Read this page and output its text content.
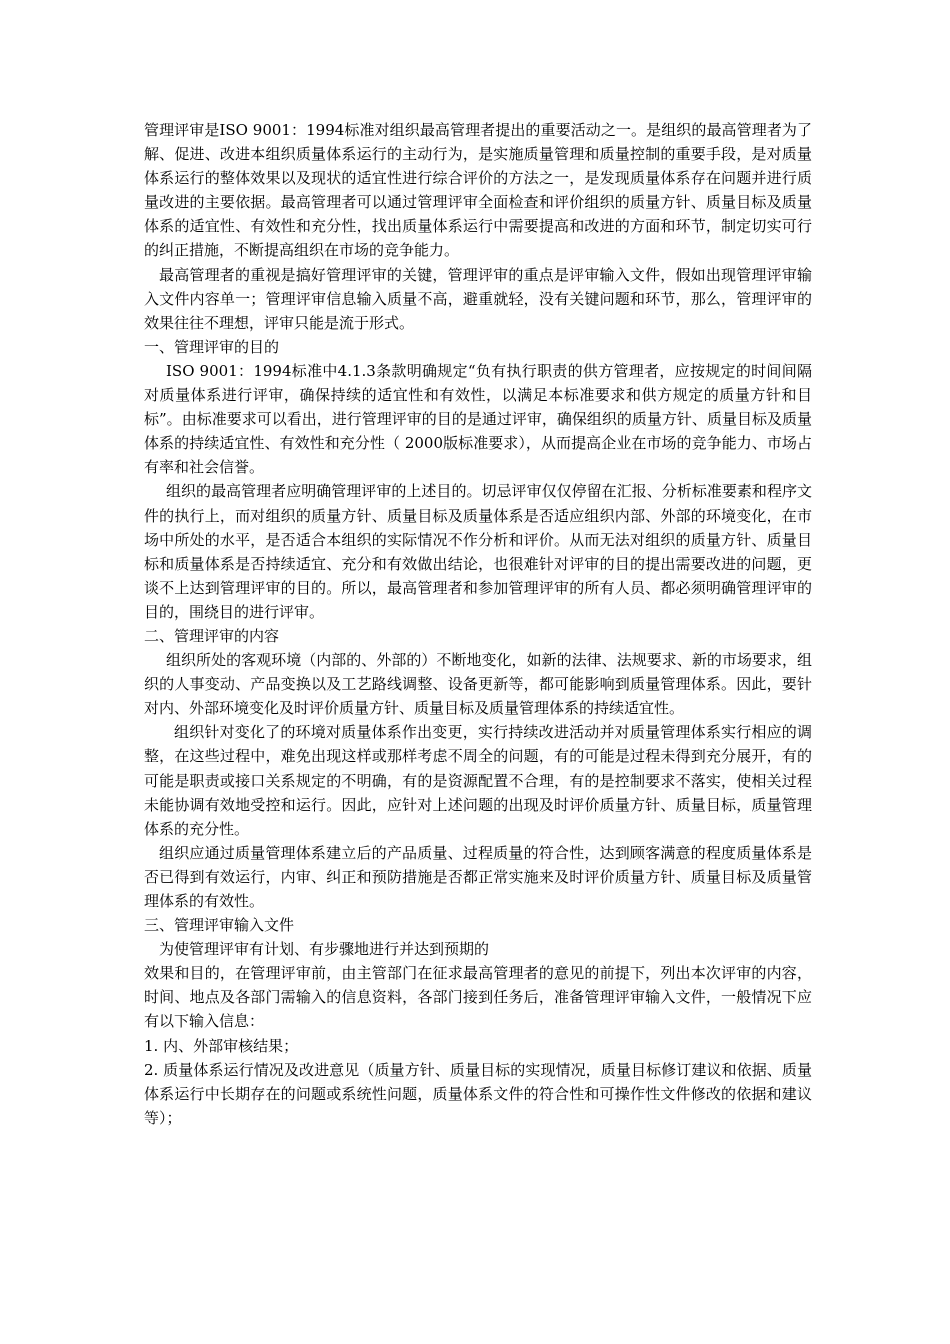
管理评审是ISO 9001：1994标准对组织最高管理者提出的重要活动之一。是组织的最高管理者为了解、促进、改进本组织质量体系运行的主动行为，是实施质量管理和质量控制的重要手段，是对质量体系运行的整体效果以及现状的适宜性进行综合评价的方法之一，是发现质量体系存在问题并进行质量改进的主要依据。最高管理者可以通过管理评审全面检查和评价组织的质量方针、质量目标及质量体系的适宜性、有效性和充分性，找出质量体系运行中需要提高和改进的方面和环节，制定切实可行的纠正措施，不断提高组织在市场的竞争能力。

最高管理者的重视是搞好管理评审的关键，管理评审的重点是评审输入文件，假如出现管理评审输入文件内容单一；管理评审信息输入质量不高，避重就轻，没有关键问题和环节，那么，管理评审的效果往往不理想，评审只能是流于形式。

一、管理评审的目的

ISO 9001：1994标准中4.1.3条款明确规定“负有执行职责的供方管理者，应按规定的时间间隔对质量体系进行评审，确保持续的适宜性和有效性，以满足本标准要求和供方规定的质量方针和目标”。由标准要求可以看出，进行管理评审的目的是通过评审，确保组织的质量方针、质量目标及质量体系的持续适宜性、有效性和充分性（ 2000版标准要求），从而提高企业在市场的竞争能力、市场占有率和社会信誉。

组织的最高管理者应明确管理评审的上述目的。切忌评审仅仅停留在汇报、分析标准要素和程序文件的执行上，而对组织的质量方针、质量目标及质量体系是否适应组织内部、外部的环境变化，在市场中所处的水平，是否适合本组织的实际情况不作分析和评价。从而无法对组织的质量方针、质量目标和质量体系是否持续适宜、充分和有效做出结论，也很难针对评审的目的提出需要改进的问题，更谈不上达到管理评审的目的。所以，最高管理者和参加管理评审的所有人员、都必须明确管理评审的目的，围绕目的进行评审。

二、管理评审的内容

组织所处的客观环境（内部的、外部的）不断地变化，如新的法律、法规要求、新的市场要求，组织的人事变动、产品变换以及工艺路线调整、设备更新等，都可能影响到质量管理体系。因此，要针对内、外部环境变化及时评价质量方针、质量目标及质量管理体系的持续适宜性。

组织针对变化了的环境对质量体系作出变更，实行持续改进活动并对质量管理体系实行相应的调整，在这些过程中，难免出现这样或那样考虑不周全的问题，有的可能是过程未得到充分展开，有的可能是职责或接口关系规定的不明确，有的是资源配置不合理，有的是控制要求不落实，使相关过程未能协调有效地受控和运行。因此，应针对上述问题的出现及时评价质量方针、质量目标，质量管理体系的充分性。

组织应通过质量管理体系建立后的产品质量、过程质量的符合性，达到顾客满意的程度质量体系是否已得到有效运行，内审、纠正和预防措施是否都正常实施来及时评价质量方针、质量目标及质量管理体系的有效性。

三、管理评审输入文件

为使管理评审有计划、有步骤地进行并达到预期的

效果和目的，在管理评审前，由主管部门在征求最高管理者的意见的前提下，列出本次评审的内容，时间、地点及各部门需输入的信息资料，各部门接到任务后，准备管理评审输入文件，一般情况下应有以下输入信息：

1. 内、外部审核结果；

2. 质量体系运行情况及改进意见（质量方针、质量目标的实现情况，质量目标修订建议和依据、质量体系运行中长期存在的问题或系统性问题，质量体系文件的符合性和可操作性文件修改的依据和建议等）；
